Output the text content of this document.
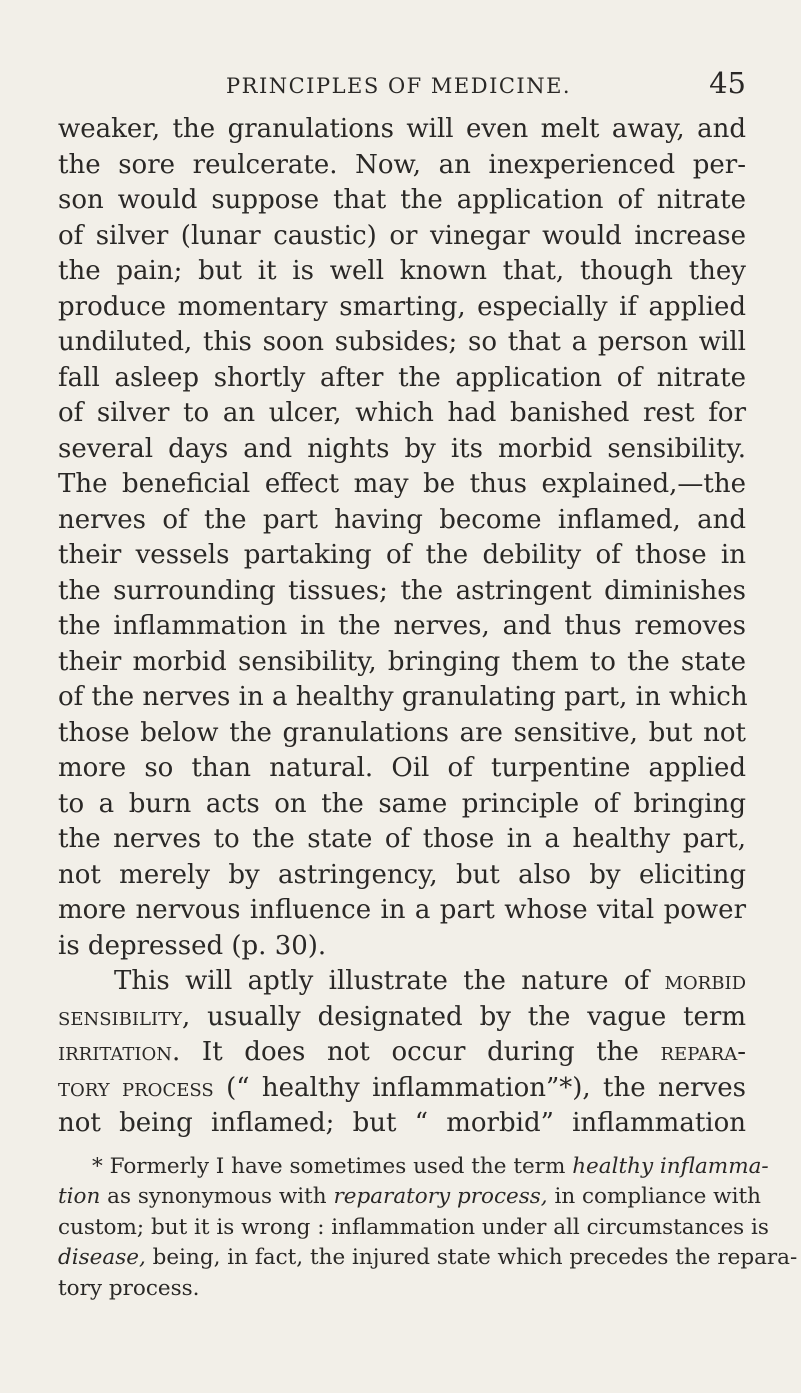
PRINCIPLES OF MEDICINE.	45
weaker, the granulations will even melt away, and
the sore reulcerate. Now, an inexperienced per-
son would suppose that the application of nitrate
of silver (lunar caustic) or vinegar would increase
the pain; but it is well known that, though they
produce momentary smarting, especially if applied
undiluted, this soon subsides; so that a person will
fall asleep shortly after the application of nitrate
of silver to an ulcer, which had banished rest for
several days and nights by its morbid sensibility.
The beneficial effect may be thus explained,—the
nerves of the part having become inflamed, and
their vessels partaking of the debility of those in
the surrounding tissues; the astringent diminishes
the inflammation in the nerves, and thus removes
their morbid sensibility, bringing them to the state
of the nerves in a healthy granulating part, in which
those below the granulations are sensitive, but not
more so than natural. Oil of turpentine applied
to a burn acts on the same principle of bringing
the nerves to the state of those in a healthy part,
not merely by astringency, but also by eliciting
more nervous influence in a part whose vital power
is depressed (p. 30).
This will aptly illustrate the nature of morbid
sensibility, usually designated by the vague term
irritation. It does not occur during the repara-
tory process (“ healthy inflammation”*), the nerves
not being inflamed; but “ morbid” inflammation
* Formerly I have sometimes used the term healthy inflamma-
tion as synonymous with reparatory process, in compliance with
custom; but it is wrong : inflammation under all circumstances is
disease, being, in fact, the injured state which precedes the repara-
tory process.
